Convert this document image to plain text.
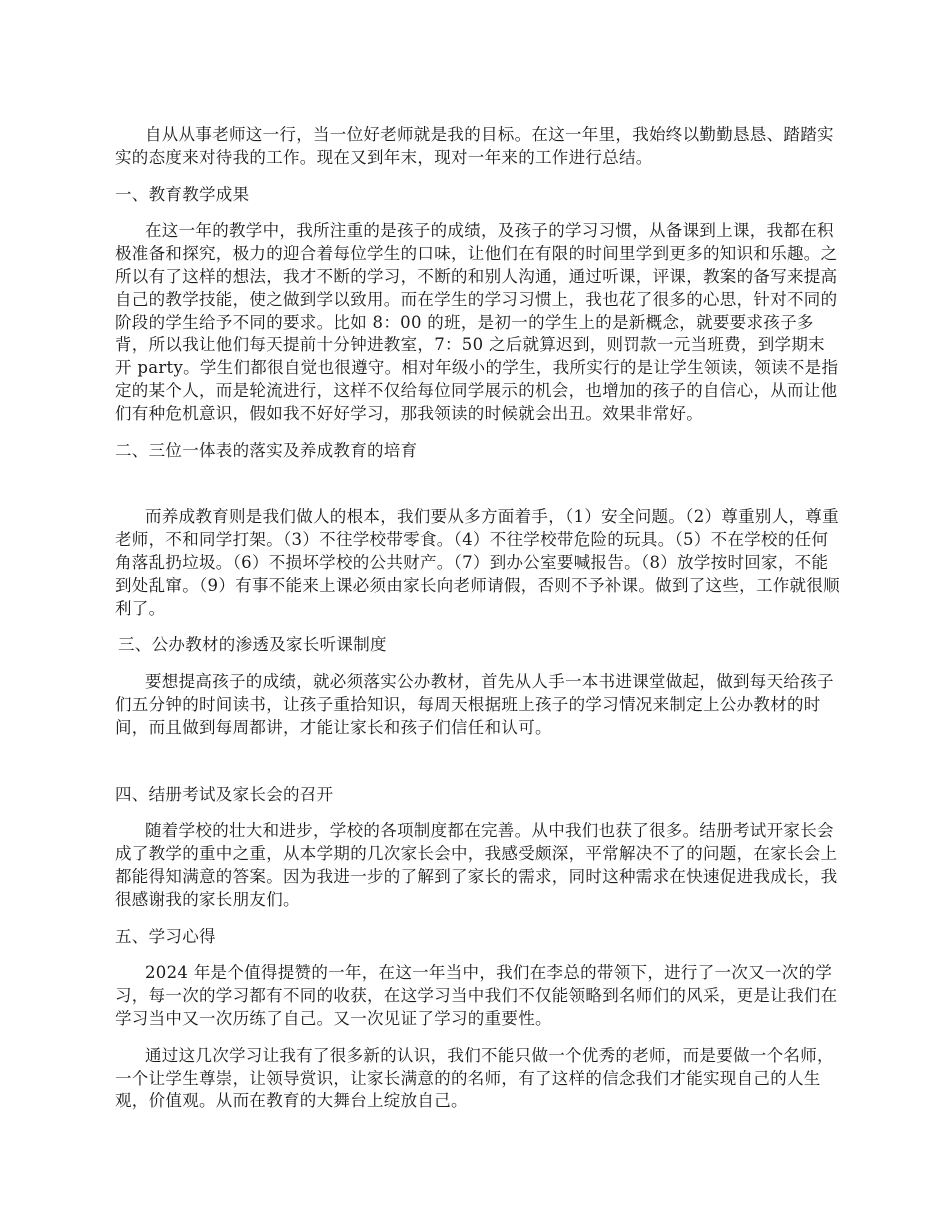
自从从事老师这一行，当一位好老师就是我的目标。在这一年里，我始终以勤勤恳恳、踏踏实实的态度来对待我的工作。现在又到年末，现对一年来的工作进行总结。

一、教育教学成果

在这一年的教学中，我所注重的是孩子的成绩，及孩子的学习习惯，从备课到上课，我都在积极准备和探究，极力的迎合着每位学生的口味，让他们在有限的时间里学到更多的知识和乐趣。之所以有了这样的想法，我才不断的学习，不断的和别人沟通，通过听课，评课，教案的备写来提高自己的教学技能，使之做到学以致用。而在学生的学习习惯上，我也花了很多的心思，针对不同的阶段的学生给予不同的要求。比如 8：00 的班，是初一的学生上的是新概念，就要要求孩子多背，所以我让他们每天提前十分钟进教室，7：50 之后就算迟到，则罚款一元当班费，到学期末开 party。学生们都很自觉也很遵守。相对年级小的学生，我所实行的是让学生领读，领读不是指定的某个人，而是轮流进行，这样不仅给每位同学展示的机会，也增加的孩子的自信心，从而让他们有种危机意识，假如我不好好学习，那我领读的时候就会出丑。效果非常好。

二、三位一体表的落实及养成教育的培育

而养成教育则是我们做人的根本，我们要从多方面着手，（1）安全问题。（2）尊重别人，尊重老师，不和同学打架。（3）不往学校带零食。（4）不往学校带危险的玩具。（5）不在学校的任何角落乱扔垃圾。（6）不损坏学校的公共财产。（7）到办公室要喊报告。（8）放学按时回家，不能到处乱窜。（9）有事不能来上课必须由家长向老师请假，否则不予补课。做到了这些，工作就很顺利了。

三、公办教材的渗透及家长听课制度

要想提高孩子的成绩，就必须落实公办教材，首先从人手一本书进课堂做起，做到每天给孩子们五分钟的时间读书，让孩子重拾知识，每周天根据班上孩子的学习情况来制定上公办教材的时间，而且做到每周都讲，才能让家长和孩子们信任和认可。

四、结册考试及家长会的召开

随着学校的壮大和进步，学校的各项制度都在完善。从中我们也获了很多。结册考试开家长会成了教学的重中之重，从本学期的几次家长会中，我感受颇深，平常解决不了的问题，在家长会上都能得知满意的答案。因为我进一步的了解到了家长的需求，同时这种需求在快速促进我成长，我很感谢我的家长朋友们。

五、学习心得

2024 年是个值得提赞的一年，在这一年当中，我们在李总的带领下，进行了一次又一次的学习，每一次的学习都有不同的收获，在这学习当中我们不仅能领略到名师们的风采，更是让我们在学习当中又一次历练了自己。又一次见证了学习的重要性。

通过这几次学习让我有了很多新的认识，我们不能只做一个优秀的老师，而是要做一个名师，一个让学生尊崇，让领导赏识，让家长满意的的名师，有了这样的信念我们才能实现自己的人生观，价值观。从而在教育的大舞台上绽放自己。
